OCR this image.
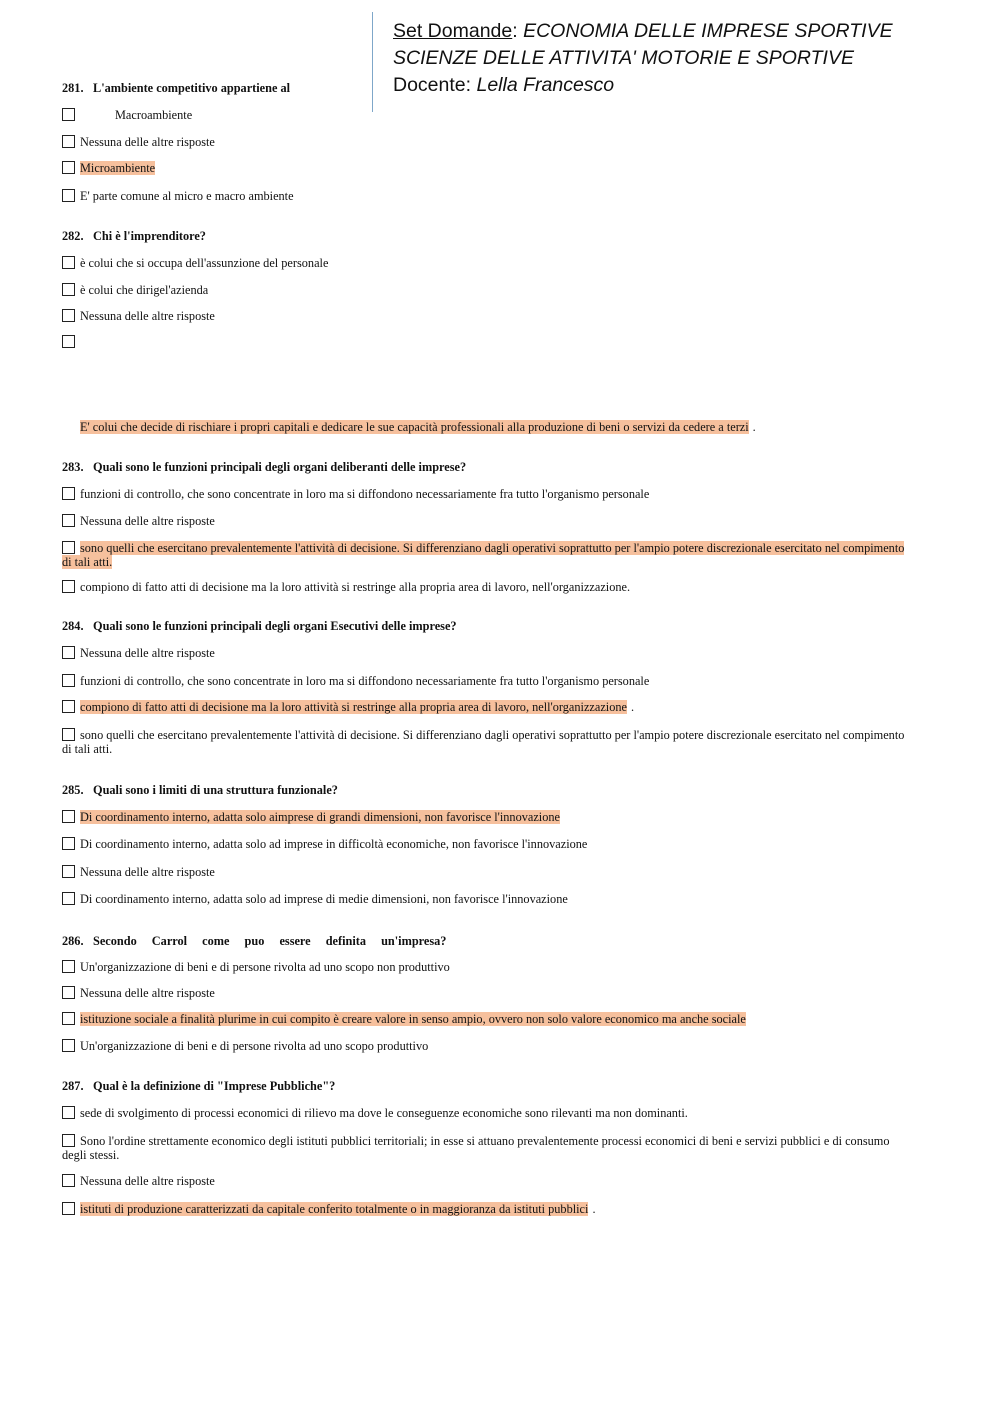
Set Domande: ECONOMIA DELLE IMPRESE SPORTIVE
SCIENZE DELLE ATTIVITA' MOTORIE E SPORTIVE
Docente: Lella Francesco
281. L'ambiente competitivo appartiene al
Macroambiente
Nessuna delle altre risposte
Microambiente
E' parte comune al micro e macro ambiente
282. Chi è l'imprenditore?
è colui che si occupa dell'assunzione del personale
è colui che dirigel'azienda
Nessuna delle altre risposte
E' colui che decide di rischiare i propri capitali e dedicare le sue capacità professionali alla produzione di beni o servizi da cedere a terzi .
283. Quali sono le funzioni principali degli organi deliberanti delle imprese?
funzioni di controllo, che sono concentrate in loro ma si diffondono necessariamente fra tutto l'organismo personale
Nessuna delle altre risposte
sono quelli che esercitano prevalentemente l'attività di decisione. Si differenziano dagli operativi soprattutto per l'ampio potere discrezionale esercitato nel compimento di tali atti.
compiono di fatto atti di decisione ma la loro attività si restringe alla propria area di lavoro, nell'organizzazione.
284. Quali sono le funzioni principali degli organi Esecutivi delle imprese?
Nessuna delle altre risposte
funzioni di controllo, che sono concentrate in loro ma si diffondono necessariamente fra tutto l'organismo personale
compiono di fatto atti di decisione ma la loro attività si restringe alla propria area di lavoro, nell'organizzazione .
sono quelli che esercitano prevalentemente l'attività di decisione. Si differenziano dagli operativi soprattutto per l'ampio potere discrezionale esercitato nel compimento di tali atti.
285. Quali sono i limiti di una struttura funzionale?
Di coordinamento interno, adatta solo aimprese di grandi dimensioni, non favorisce l'innovazione
Di coordinamento interno, adatta solo ad imprese in difficoltà economiche, non favorisce l'innovazione
Nessuna delle altre risposte
Di coordinamento interno, adatta solo ad imprese di medie dimensioni, non favorisce l'innovazione
286. Secondo Carrol come puo essere definita un'impresa?
Un'organizzazione di beni e di persone rivolta ad uno scopo non produttivo
Nessuna delle altre risposte
istituzione sociale a finalità plurime in cui compito è creare valore in senso ampio, ovvero non solo valore economico ma anche sociale
Un'organizzazione di beni e di persone rivolta ad uno scopo produttivo
287. Qual è la definizione di "Imprese Pubbliche"?
sede di svolgimento di processi economici di rilievo ma dove le conseguenze economiche sono rilevanti ma non dominanti.
Sono l'ordine strettamente economico degli istituti pubblici territoriali; in esse si attuano prevalentemente processi economici di beni e servizi pubblici e di consumo degli stessi.
Nessuna delle altre risposte
istituti di produzione caratterizzati da capitale conferito totalmente o in maggioranza da istituti pubblici .
